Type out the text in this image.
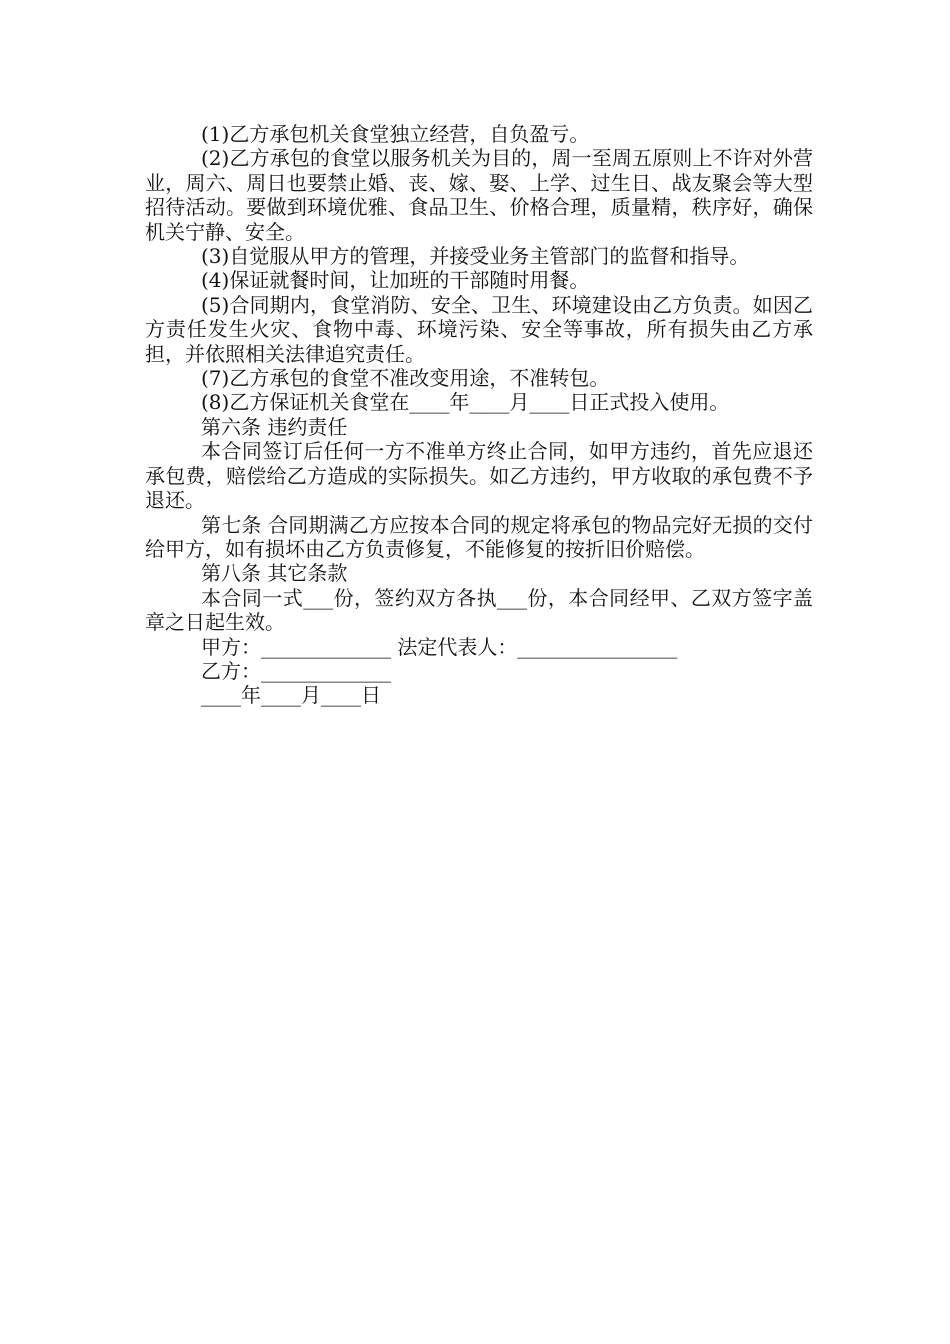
(1)乙方承包机关食堂独立经营，自负盈亏。

(2)乙方承包的食堂以服务机关为目的，周一至周五原则上不许对外营业，周六、周日也要禁止婚、丧、嫁、娶、上学、过生日、战友聚会等大型招待活动。要做到环境优雅、食品卫生、价格合理，质量精，秩序好，确保机关宁静、安全。

(3)自觉服从甲方的管理，并接受业务主管部门的监督和指导。

(4)保证就餐时间，让加班的干部随时用餐。

(5)合同期内，食堂消防、安全、卫生、环境建设由乙方负责。如因乙方责任发生火灾、食物中毒、环境污染、安全等事故，所有损失由乙方承担，并依照相关法律追究责任。

(7)乙方承包的食堂不准改变用途，不准转包。

(8)乙方保证机关食堂在____年____月____日正式投入使用。

第六条 违约责任

本合同签订后任何一方不准单方终止合同，如甲方违约，首先应退还承包费，赔偿给乙方造成的实际损失。如乙方违约，甲方收取的承包费不予退还。

第七条 合同期满乙方应按本合同的规定将承包的物品完好无损的交付给甲方，如有损坏由乙方负责修复，不能修复的按折旧价赔偿。

第八条 其它条款

本合同一式___份，签约双方各执___份，本合同经甲、乙双方签字盖章之日起生效。

甲方：_____________ 法定代表人：________________
乙方：_____________
____年____月____日
